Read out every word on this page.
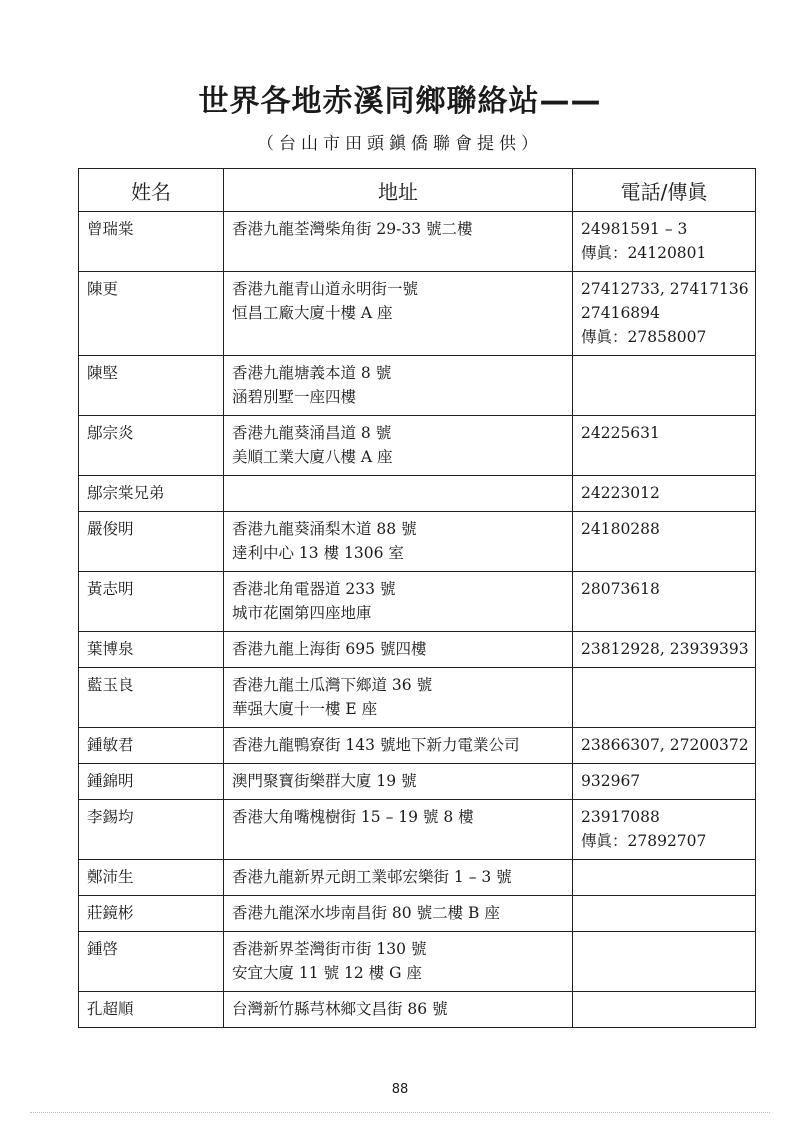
世界各地赤溪同鄉聯絡站——
（台山市田頭鎭僑聯會提供）
姓名	地址	電話/傳眞

曾瑞棠	香港九龍荃灣柴角街 29-33 號二樓	24981591 – 3
傳眞：24120801

陳更	香港九龍青山道永明街一號
恒昌工廠大廈十樓 A 座	27412733, 27417136
27416894
傳眞：27858007

陳堅	香港九龍塘義本道 8 號
涵碧別墅一座四樓	

鄔宗炎	香港九龍葵涌昌道 8 號
美順工業大廈八樓 A 座	24225631

鄔宗棠兄弟		24223012

嚴俊明	香港九龍葵涌梨木道 88 號
達利中心 13 樓 1306 室	24180288

黃志明	香港北角電器道 233 號
城市花園第四座地庫	28073618

葉博泉	香港九龍上海街 695 號四樓	23812928, 23939393

藍玉良	香港九龍土瓜灣下鄉道 36 號
華强大廈十一樓 E 座	

鍾敏君	香港九龍鴨寮街 143 號地下新力電業公司	23866307, 27200372

鍾錦明	澳門聚寶街樂群大廈 19 號	932967

李錫均	香港大角嘴槐樹街 15 – 19 號 8 樓	23917088
傳眞：27892707

鄭沛生	香港九龍新界元朗工業邨宏樂街 1 – 3 號	

莊鏡彬	香港九龍深水埗南昌街 80 號二樓 B 座	

鍾啓	香港新界荃灣街市街 130 號
安宜大廈 11 號 12 樓 G 座	

孔超順	台灣新竹縣芎林鄉文昌街 86 號	

88
